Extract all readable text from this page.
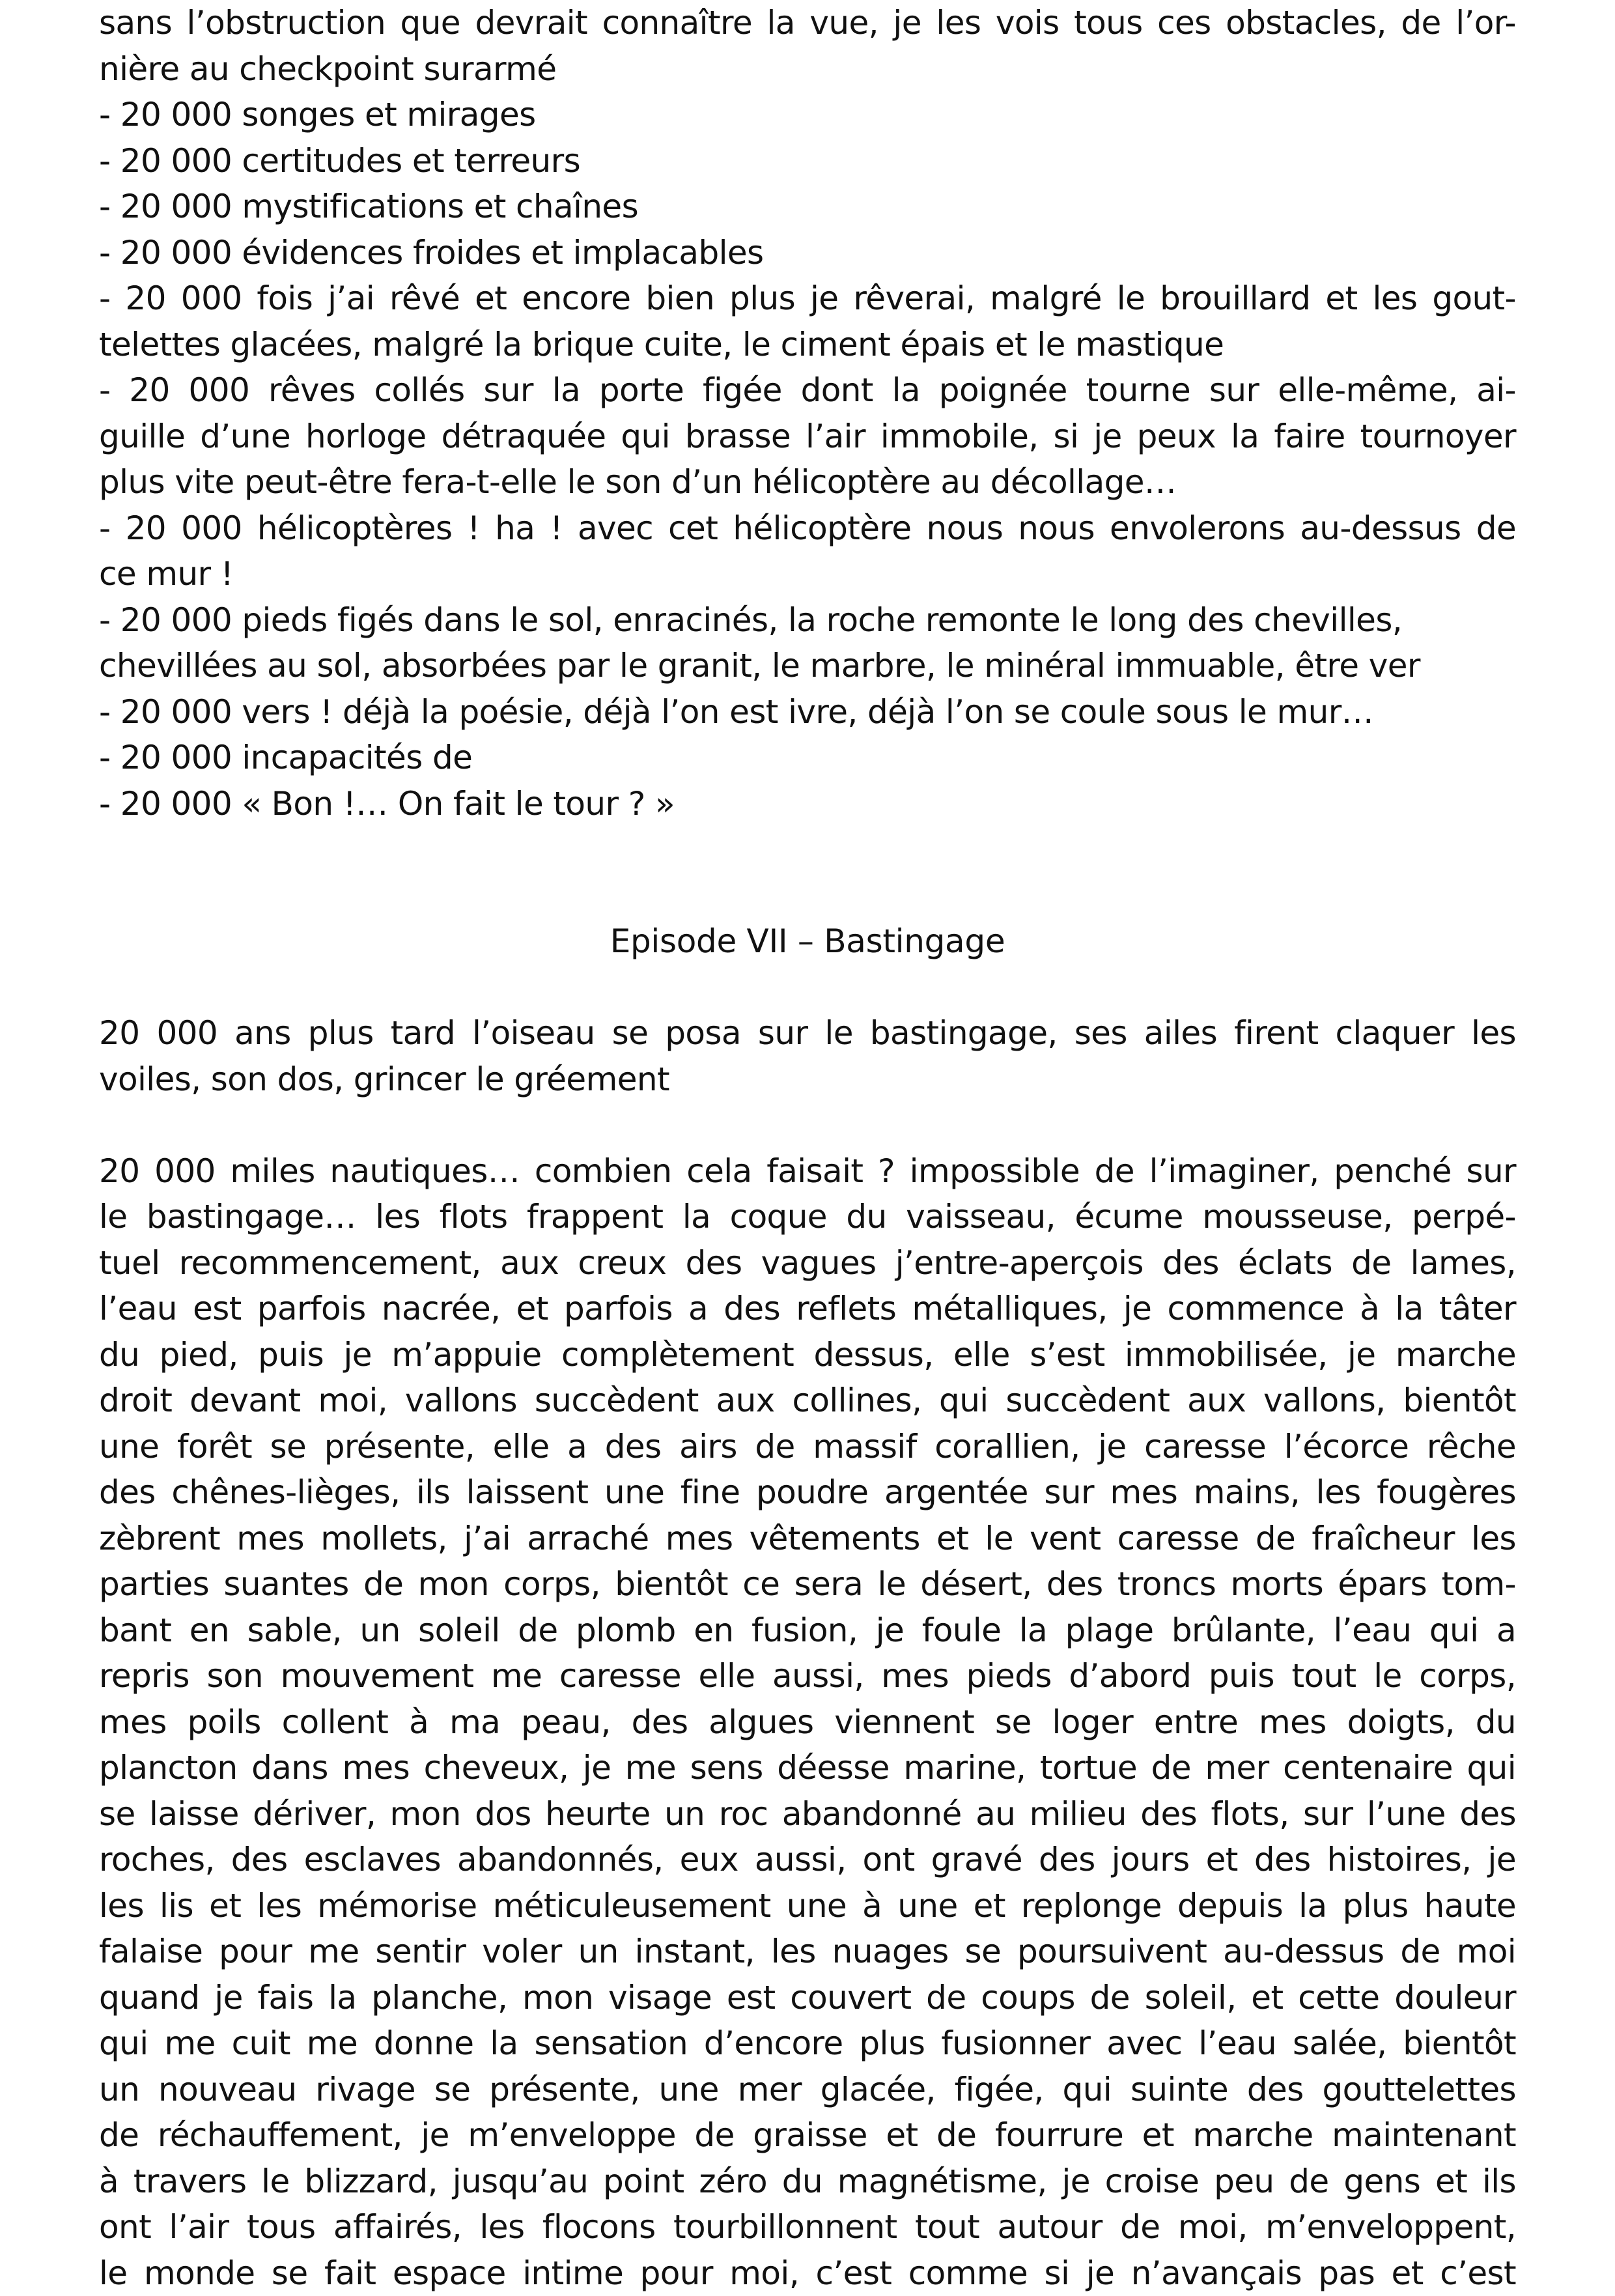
sans l’obstruction que devrait connaître la vue, je les vois tous ces obstacles, de l’or-
nière au checkpoint surarmé
- 20 000 songes et mirages
- 20 000 certitudes et terreurs
- 20 000 mystifications et chaînes
- 20 000 évidences froides et implacables
- 20 000 fois j’ai rêvé et encore bien plus je rêverai, malgré le brouillard et les gout-
telettes glacées, malgré la brique cuite, le ciment épais et le mastique
- 20 000 rêves collés sur la porte figée dont la poignée tourne sur elle-même, ai-
guille d’une horloge détraquée qui brasse l’air immobile, si je peux la faire tournoyer
plus vite peut-être fera-t-elle le son d’un hélicoptère au décollage…
- 20 000 hélicoptères ! ha ! avec cet hélicoptère nous nous envolerons au-dessus de
ce mur !
- 20 000 pieds figés dans le sol, enracinés, la roche remonte le long des chevilles,
chevillées au sol, absorbées par le granit, le marbre, le minéral immuable, être ver
- 20 000 vers ! déjà la poésie, déjà l’on est ivre, déjà l’on se coule sous le mur…
- 20 000 incapacités de
- 20 000 « Bon !… On fait le tour ? »
Episode VII – Bastingage
20 000 ans plus tard l’oiseau se posa sur le bastingage, ses ailes firent claquer les
voiles, son dos, grincer le gréement
20 000 miles nautiques… combien cela faisait ? impossible de l’imaginer, penché sur
le bastingage… les flots frappent la coque du vaisseau, écume mousseuse, perpé-
tuel recommencement, aux creux des vagues j’entre-aperçois des éclats de lames,
l’eau est parfois nacrée, et parfois a des reflets métalliques, je commence à la tâter
du pied, puis je m’appuie complètement dessus, elle s’est immobilisée, je marche
droit devant moi, vallons succèdent aux collines, qui succèdent aux vallons, bientôt
une forêt se présente, elle a des airs de massif corallien, je caresse l’écorce rêche
des chênes-lièges, ils laissent une fine poudre argentée sur mes mains, les fougères
zèbrent mes mollets, j’ai arraché mes vêtements et le vent caresse de fraîcheur les
parties suantes de mon corps, bientôt ce sera le désert, des troncs morts épars tom-
bant en sable, un soleil de plomb en fusion, je foule la plage brûlante, l’eau qui a
repris son mouvement me caresse elle aussi, mes pieds d’abord puis tout le corps,
mes poils collent à ma peau, des algues viennent se loger entre mes doigts, du
plancton dans mes cheveux, je me sens déesse marine, tortue de mer centenaire qui
se laisse dériver, mon dos heurte un roc abandonné au milieu des flots, sur l’une des
roches, des esclaves abandonnés, eux aussi, ont gravé des jours et des histoires, je
les lis et les mémorise méticuleusement une à une et replonge depuis la plus haute
falaise pour me sentir voler un instant, les nuages se poursuivent au-dessus de moi
quand je fais la planche, mon visage est couvert de coups de soleil, et cette douleur
qui me cuit me donne la sensation d’encore plus fusionner avec l’eau salée, bientôt
un nouveau rivage se présente, une mer glacée, figée, qui suinte des gouttelettes
de réchauffement, je m’enveloppe de graisse et de fourrure et marche maintenant
à travers le blizzard, jusqu’au point zéro du magnétisme, je croise peu de gens et ils
ont l’air tous affairés, les flocons tourbillonnent tout autour de moi, m’enveloppent,
le monde se fait espace intime pour moi, c’est comme si je n’avançais pas et c’est
